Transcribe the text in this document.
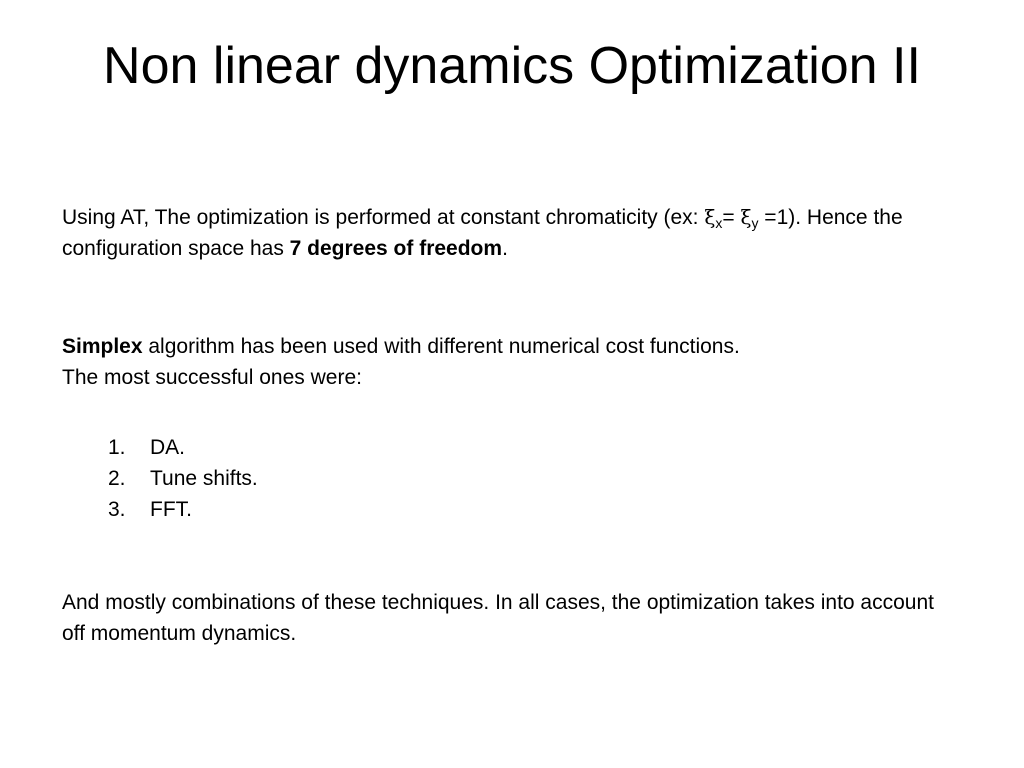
Non linear dynamics Optimization II

Using AT, The optimization is performed at constant chromaticity (ex: $\xi_x= \xi_y =1$). Hence the configuration space has 7 degrees of freedom.

Simplex algorithm has been used with different numerical cost functions.
The most successful ones were:

1.	DA.
2.	Tune shifts.
3.	FFT.

And mostly combinations of these techniques. In all cases, the optimization takes into account off momentum dynamics.
